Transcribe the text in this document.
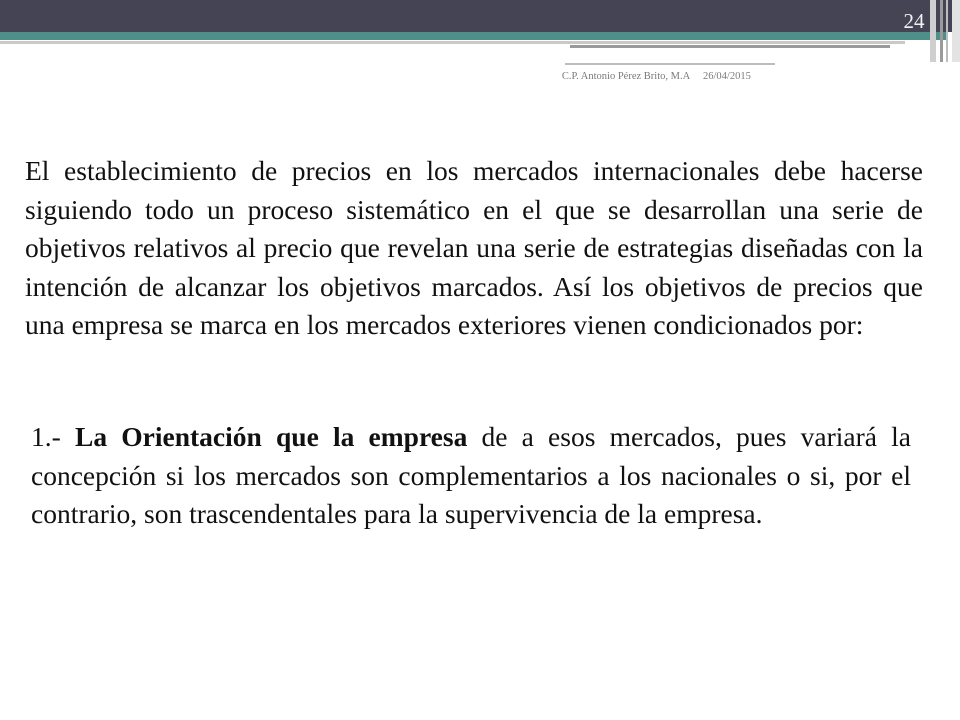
24
C.P. Antonio Pérez Brito, M.A	26/04/2015

El establecimiento de precios en los mercados internacionales debe hacerse siguiendo todo un proceso sistemático en el que se desarrollan una serie de objetivos relativos al precio que revelan una serie de estrategias diseñadas con la intención de alcanzar los objetivos marcados. Así los objetivos de precios que una empresa se marca en los mercados exteriores vienen condicionados por:

1.- La Orientación que la empresa de a esos mercados, pues variará la concepción si los mercados son complementarios a los nacionales o si, por el contrario, son trascendentales para la supervivencia de la empresa.
